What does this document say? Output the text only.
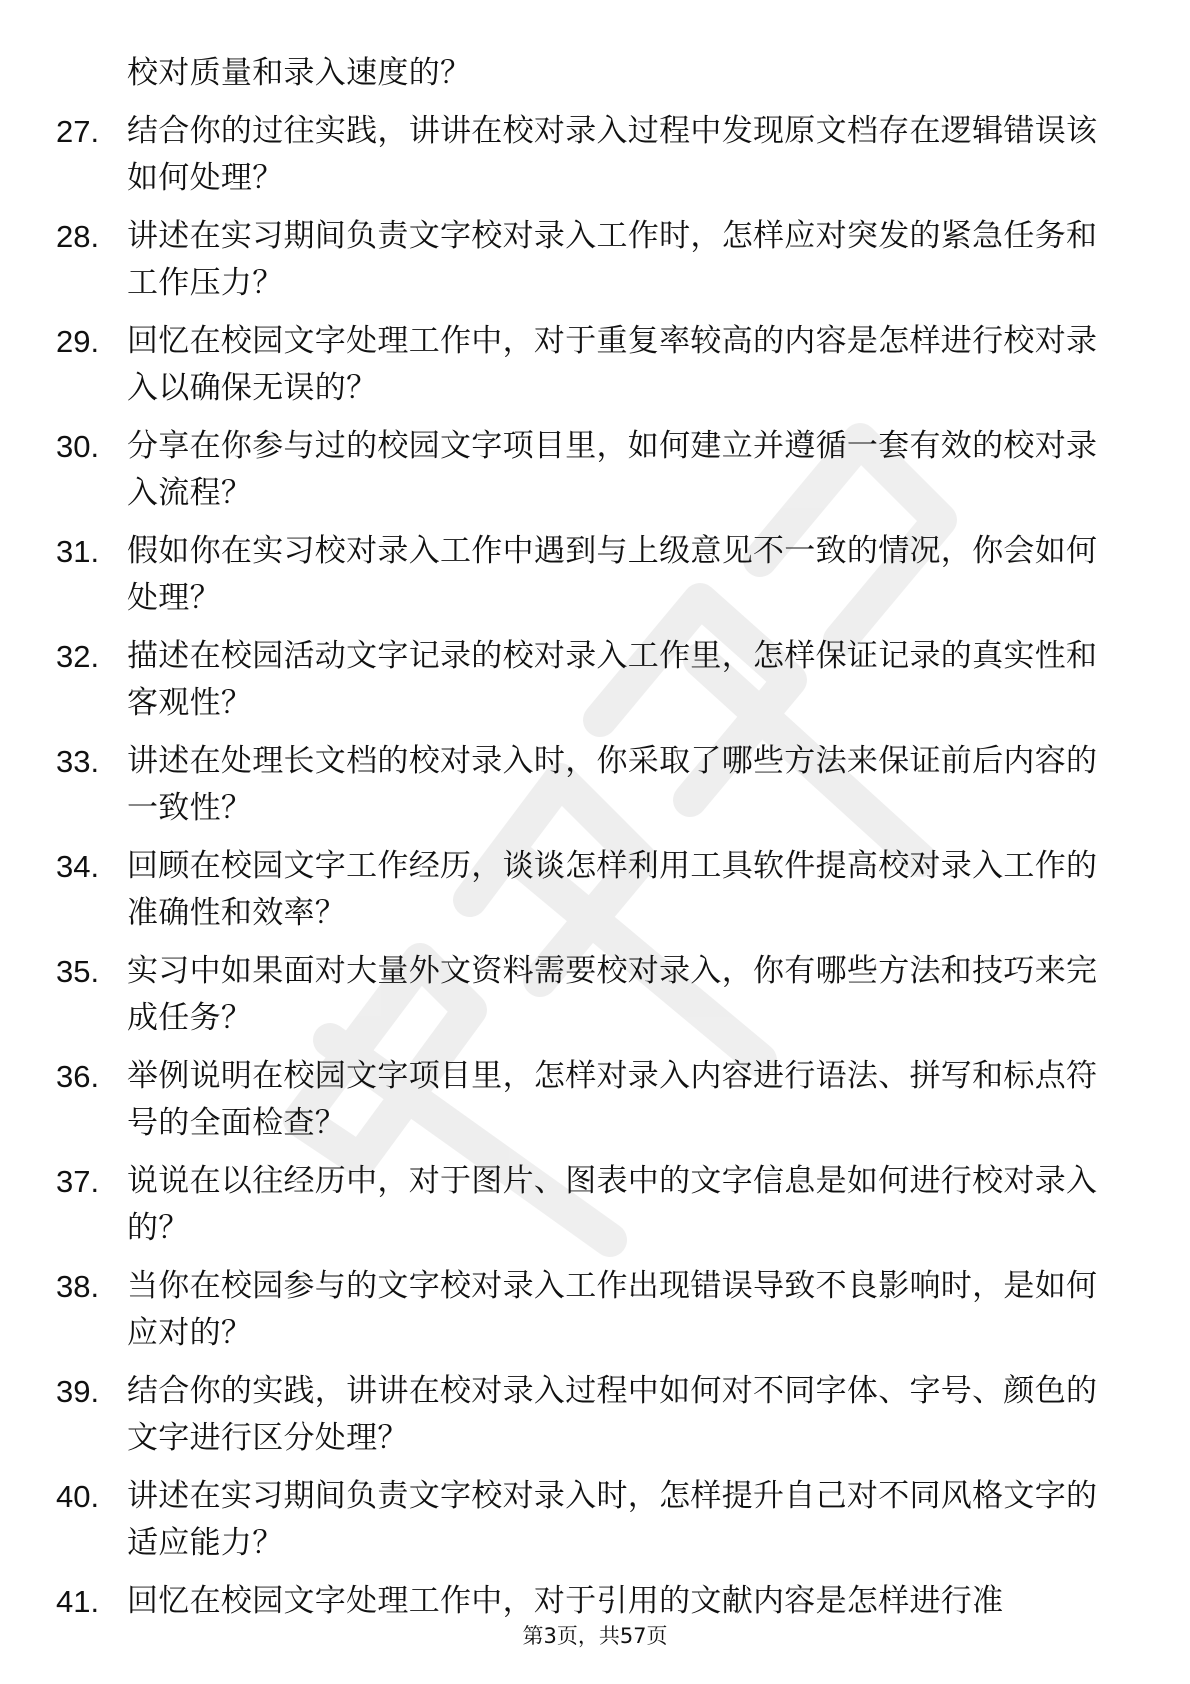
校对质量和录入速度的？
27. 结合你的过往实践，讲讲在校对录入过程中发现原文档存在逻辑错误该如何处理？
28. 讲述在实习期间负责文字校对录入工作时，怎样应对突发的紧急任务和工作压力？
29. 回忆在校园文字处理工作中，对于重复率较高的内容是怎样进行校对录入以确保无误的？
30. 分享在你参与过的校园文字项目里，如何建立并遵循一套有效的校对录入流程？
31. 假如你在实习校对录入工作中遇到与上级意见不一致的情况，你会如何处理？
32. 描述在校园活动文字记录的校对录入工作里，怎样保证记录的真实性和客观性？
33. 讲述在处理长文档的校对录入时，你采取了哪些方法来保证前后内容的一致性？
34. 回顾在校园文字工作经历，谈谈怎样利用工具软件提高校对录入工作的准确性和效率？
35. 实习中如果面对大量外文资料需要校对录入，你有哪些方法和技巧来完成任务？
36. 举例说明在校园文字项目里，怎样对录入内容进行语法、拼写和标点符号的全面检查？
37. 说说在以往经历中，对于图片、图表中的文字信息是如何进行校对录入的？
38. 当你在校园参与的文字校对录入工作出现错误导致不良影响时，是如何应对的？
39. 结合你的实践，讲讲在校对录入过程中如何对不同字体、字号、颜色的文字进行区分处理？
40. 讲述在实习期间负责文字校对录入时，怎样提升自己对不同风格文字的适应能力？
41. 回忆在校园文字处理工作中，对于引用的文献内容是怎样进行准
第3页，共57页
